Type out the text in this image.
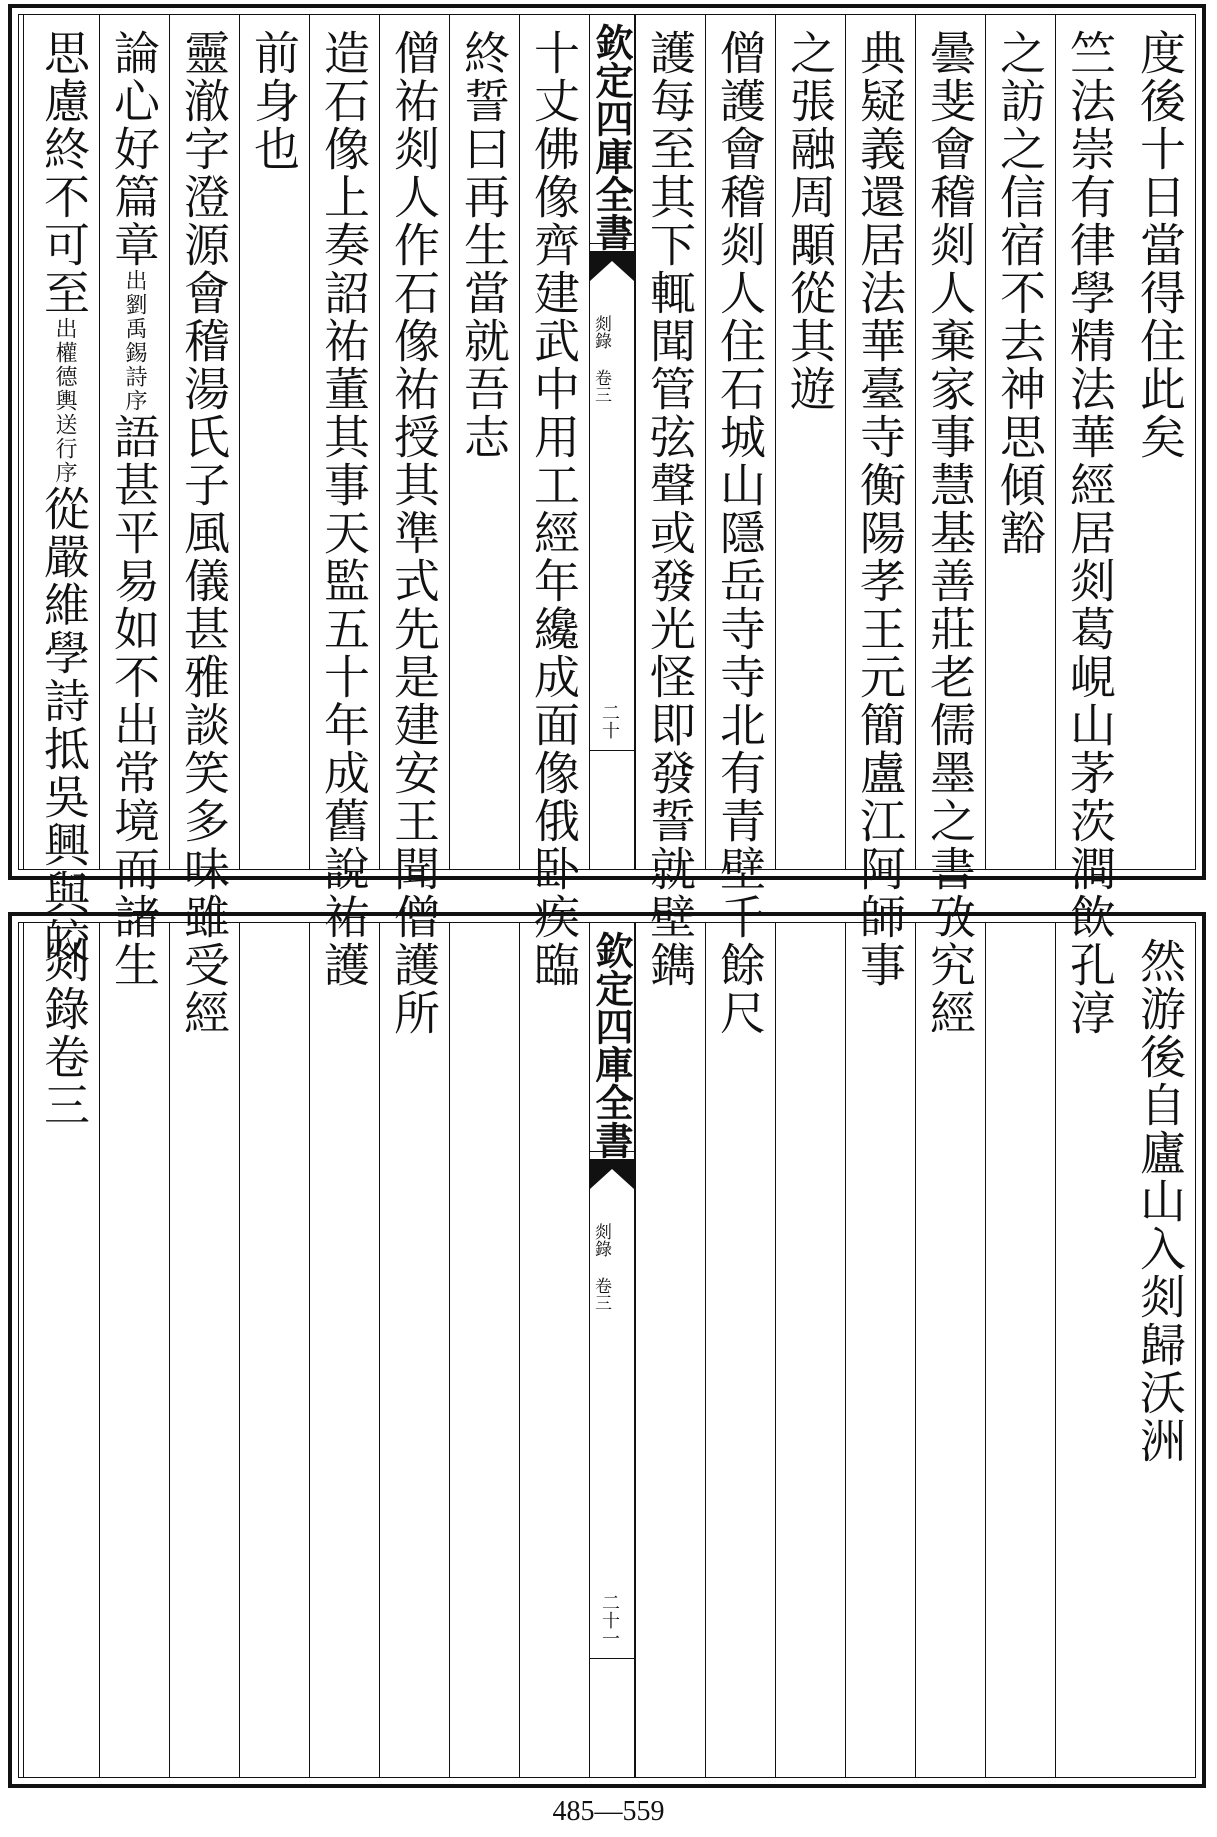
度後十日當得住此矣
竺法崇有律學精法華經居剡葛峴山茅茨澗飲孔淳
之訪之信宿不去神思傾豁
曇斐會稽剡人棄家事慧基善莊老儒墨之書攷究經
典疑義還居法華臺寺衡陽孝王元簡盧江阿師事
之張融周顒從其遊
僧護會稽剡人住石城山隱岳寺寺北有青壁千餘尺
護每至其下輒聞管弦聲或發光怪即發誓就壁鐫
欽定四庫全書
剡錄 卷三
二十
十丈佛像齊建武中用工經年纔成面像俄卧疾臨
終誓曰再生當就吾志
僧祐剡人作石像祐授其準式先是建安王聞僧護所
造石像上奏詔祐董其事天監五十年成舊說祐護
前身也
靈澈字澄源會稽湯氏子風儀甚雅談笑多味雖受經
論心好篇章出劉禹錫詩序語甚平易如不出常境而諸生
思慮終不可至出權德輿送行序從嚴維學詩抵吳興與皎
然游後自廬山入剡歸沃洲
欽定四庫全書
剡錄 卷三
二十一
剡錄卷三
485—559
